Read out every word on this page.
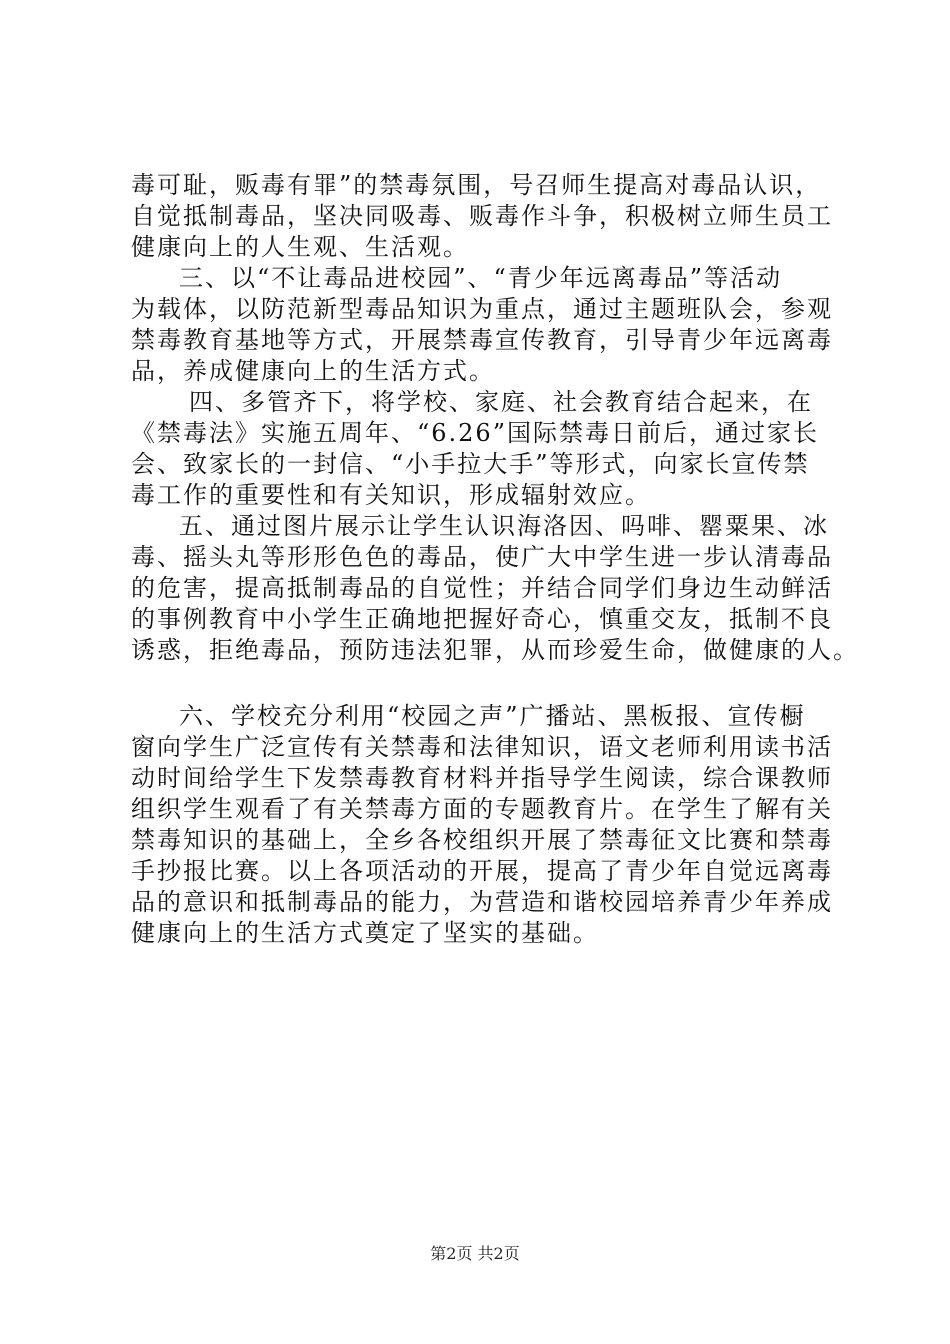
毒可耻，贩毒有罪”的禁毒氛围，号召师生提高对毒品认识，
自觉抵制毒品，坚决同吸毒、贩毒作斗争，积极树立师生员工
健康向上的人生观、生活观。
三、以“不让毒品进校园”、“青少年远离毒品”等活动
为载体，以防范新型毒品知识为重点，通过主题班队会，参观
禁毒教育基地等方式，开展禁毒宣传教育，引导青少年远离毒
品，养成健康向上的生活方式。
四、多管齐下，将学校、家庭、社会教育结合起来，在
《禁毒法》实施五周年、“6.26”国际禁毒日前后，通过家长
会、致家长的一封信、“小手拉大手”等形式，向家长宣传禁
毒工作的重要性和有关知识，形成辐射效应。
五、通过图片展示让学生认识海洛因、吗啡、罂粟果、冰
毒、摇头丸等形形色色的毒品，使广大中学生进一步认清毒品
的危害，提高抵制毒品的自觉性；并结合同学们身边生动鲜活
的事例教育中小学生正确地把握好奇心，慎重交友，抵制不良
诱惑，拒绝毒品，预防违法犯罪，从而珍爱生命，做健康的人。
六、学校充分利用“校园之声”广播站、黑板报、宣传橱
窗向学生广泛宣传有关禁毒和法律知识，语文老师利用读书活
动时间给学生下发禁毒教育材料并指导学生阅读，综合课教师
组织学生观看了有关禁毒方面的专题教育片。在学生了解有关
禁毒知识的基础上，全乡各校组织开展了禁毒征文比赛和禁毒
手抄报比赛。以上各项活动的开展，提高了青少年自觉远离毒
品的意识和抵制毒品的能力，为营造和谐校园培养青少年养成
健康向上的生活方式奠定了坚实的基础。
第2页 共2页
